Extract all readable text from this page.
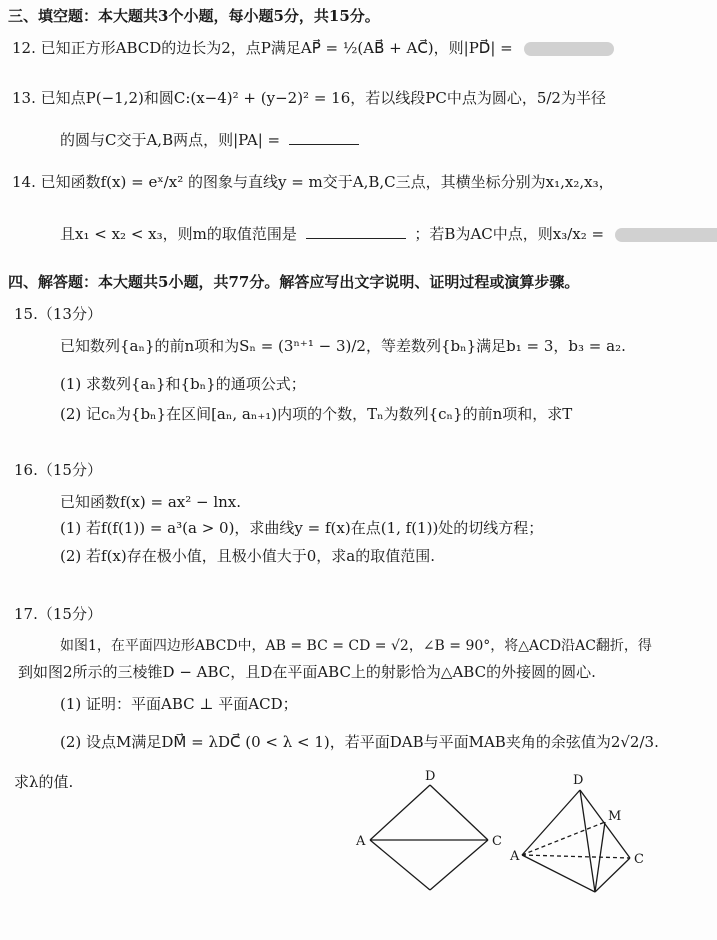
三、填空题：本大题共3个小题，每小题5分，共15分。
12. 已知正方形ABCD的边长为2，点P满足AP⃗ = ½(AB⃗ + AC⃗)，则|PD⃗| =
13. 已知点P(−1,2)和圆C:(x−4)² + (y−2)² = 16，若以线段PC中点为圆心，5/2为半径
的圆与C交于A,B两点，则|PA| =
14. 已知函数f(x) = eˣ/x² 的图象与直线y = m交于A,B,C三点，其横坐标分别为x₁,x₂,x₃，
且x₁ < x₂ < x₃，则m的取值范围是	；若B为AC中点，则x₃/x₂ =
四、解答题：本大题共5小题，共77分。解答应写出文字说明、证明过程或演算步骤。
15.（13分）
已知数列{aₙ}的前n项和为Sₙ = (3ⁿ⁺¹ − 3)/2，等差数列{bₙ}满足b₁ = 3，b₃ = a₂.
(1) 求数列{aₙ}和{bₙ}的通项公式；
(2) 记cₙ为{bₙ}在区间[aₙ, aₙ₊₁)内项的个数，Tₙ为数列{cₙ}的前n项和，求T
16.（15分）
已知函数f(x) = ax² − lnx.
(1) 若f(f(1)) = a³(a > 0)，求曲线y = f(x)在点(1, f(1))处的切线方程；
(2) 若f(x)存在极小值，且极小值大于0，求a的取值范围.
17.（15分）
如图1，在平面四边形ABCD中，AB = BC = CD = √2，∠B = 90°，将△ACD沿AC翻折，得
到如图2所示的三棱锥D − ABC，且D在平面ABC上的射影恰为△ABC的外接圆的圆心.
(1) 证明：平面ABC ⊥ 平面ACD；
(2) 设点M满足DM⃗ = λDC⃗ (0 < λ < 1)，若平面DAB与平面MAB夹角的余弦值为2√2/3.
求λ的值.	D
A	C
D
M
A	C
